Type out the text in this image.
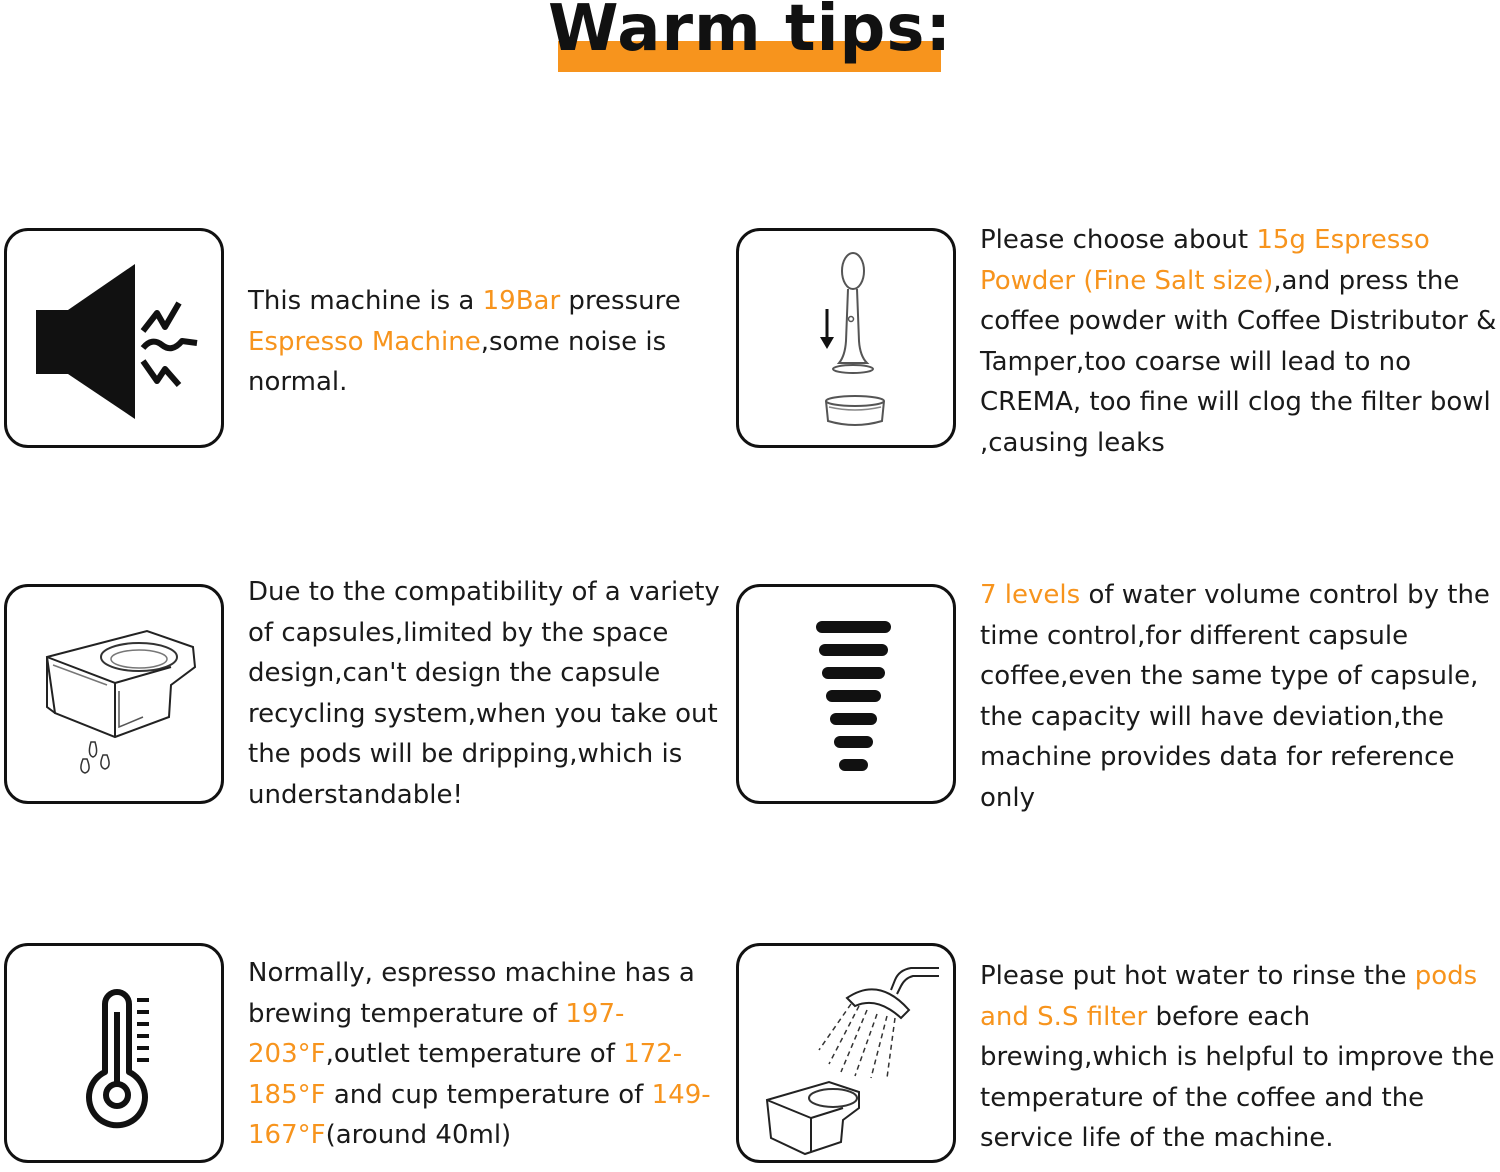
Warm tips:
This machine is a 19Bar pressure Espresso Machine,some noise is normal.
Please choose about 15g Espresso Powder (Fine Salt size),and press the coffee powder with Coffee Distributor & Tamper,too coarse will lead to no CREMA, too fine will clog the filter bowl ,causing leaks
Due to the compatibility of a variety of capsules,limited by the space design,can't design the capsule recycling system,when you take out the pods will be dripping,which is understandable!
7 levels of water volume control by the time control,for different capsule coffee,even the same type of capsule, the capacity will have deviation,the machine provides data for reference only
Normally, espresso machine has a brewing temperature of 197-203°F,outlet temperature of 172-185°F and cup temperature of 149-167°F(around 40ml)
Please put hot water to rinse the pods and S.S filter before each brewing,which is helpful to improve the temperature of the coffee and the service life of the machine.
